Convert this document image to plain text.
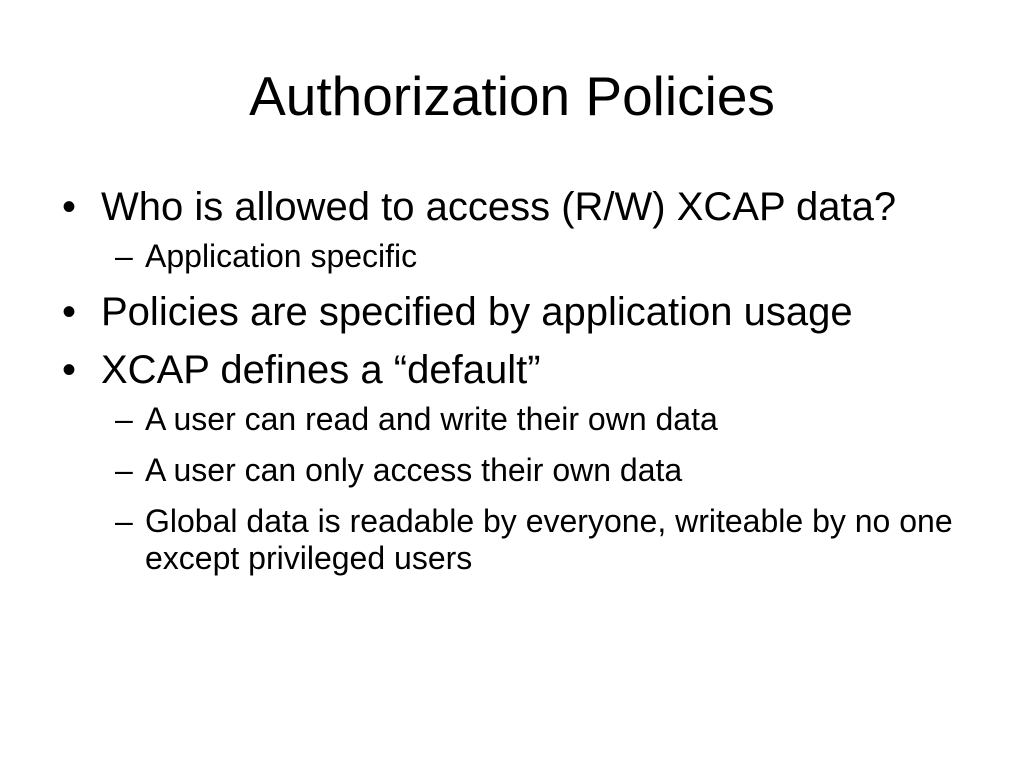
Authorization Policies
• Who is allowed to access (R/W) XCAP data?
– Application specific
• Policies are specified by application usage
• XCAP defines a “default”
– A user can read and write their own data
– A user can only access their own data
– Global data is readable by everyone, writeable by no one except privileged users
